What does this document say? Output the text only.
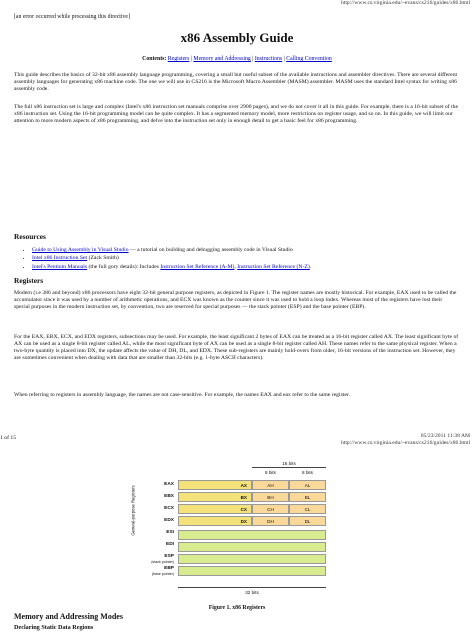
http://www.cs.virginia.edu/~evans/cs216/guides/x86.html
[an error occurred while processing this directive]
x86 Assembly Guide
Contents: Registers | Memory and Addressing | Instructions | Calling Convention
This guide describes the basics of 32-bit x86 assembly language programming, covering a small but useful subset of the available instructions and assembler directives. There are several different assembly languages for generating x86 machine code. The one we will use in CS216 is the Microsoft Macro Assembler (MASM) assembler. MASM uses the standard Intel syntax for writing x86 assembly code.
The full x86 instruction set is large and complex (Intel's x86 instruction set manuals comprise over 2900 pages), and we do not cover it all in this guide. For example, there is a 16-bit subset of the x86 instruction set. Using the 16-bit programming model can be quite complex. It has a segmented memory model, more restrictions on register usage, and so on. In this guide, we will limit our attention to more modern aspects of x86 programming, and delve into the instruction set only in enough detail to get a basic feel for x86 programming.
Resources
• Guide to Using Assembly in Visual Studio — a tutorial on building and debugging assembly code in Visual Studio
• Intel x86 Instruction Set (Zack Smith)
• Intel's Pentium Manuals (the full gory details): Includes Instruction Set Reference (A-M), Instruction Set Reference (N-Z).
Registers
Modern (i.e 386 and beyond) x86 processors have eight 32-bit general purpose registers, as depicted in Figure 1. The register names are mostly historical. For example, EAX used to be called the accumulator since it was used by a number of arithmetic operations, and ECX was known as the counter since it was used to hold a loop index. Whereas most of the registers have lost their special purposes in the modern instruction set, by convention, two are reserved for special purposes — the stack pointer (ESP) and the base pointer (EBP).
For the EAX, EBX, ECX, and EDX registers, subsections may be used. For example, the least significant 2 bytes of EAX can be treated as a 16-bit register called AX. The least significant byte of AX can be used as a single 8-bit register called AL, while the most significant byte of AX can be used as a single 8-bit register called AH. These names refer to the same physical register. When a two-byte quantity is placed into DX, the update affects the value of DH, DL, and EDX. These sub-registers are mainly hold-overs from older, 16-bit versions of the instruction set. However, they are sometimes convenient when dealing with data that are smaller than 32-bits (e.g. 1-byte ASCII characters).
When referring to registers in assembly language, the names are not case-sensitive. For example, the names EAX and eax refer to the same register.
1 of 15	05/23/2011 11:38 AM
http://www.cs.virginia.edu/~evans/cs216/guides/x86.html
16 bits
8 bits	8 bits
General-purpose Registers
EAX	AX	AH	AL
EBX	BX	BH	BL
ECX	CX	CH	CL
EDX	DX	DH	DL
ESI
EDI
ESP
(stack pointer)
EBP
(base pointer)
32 bits
Figure 1. x86 Registers
Memory and Addressing Modes
Declaring Static Data Regions
